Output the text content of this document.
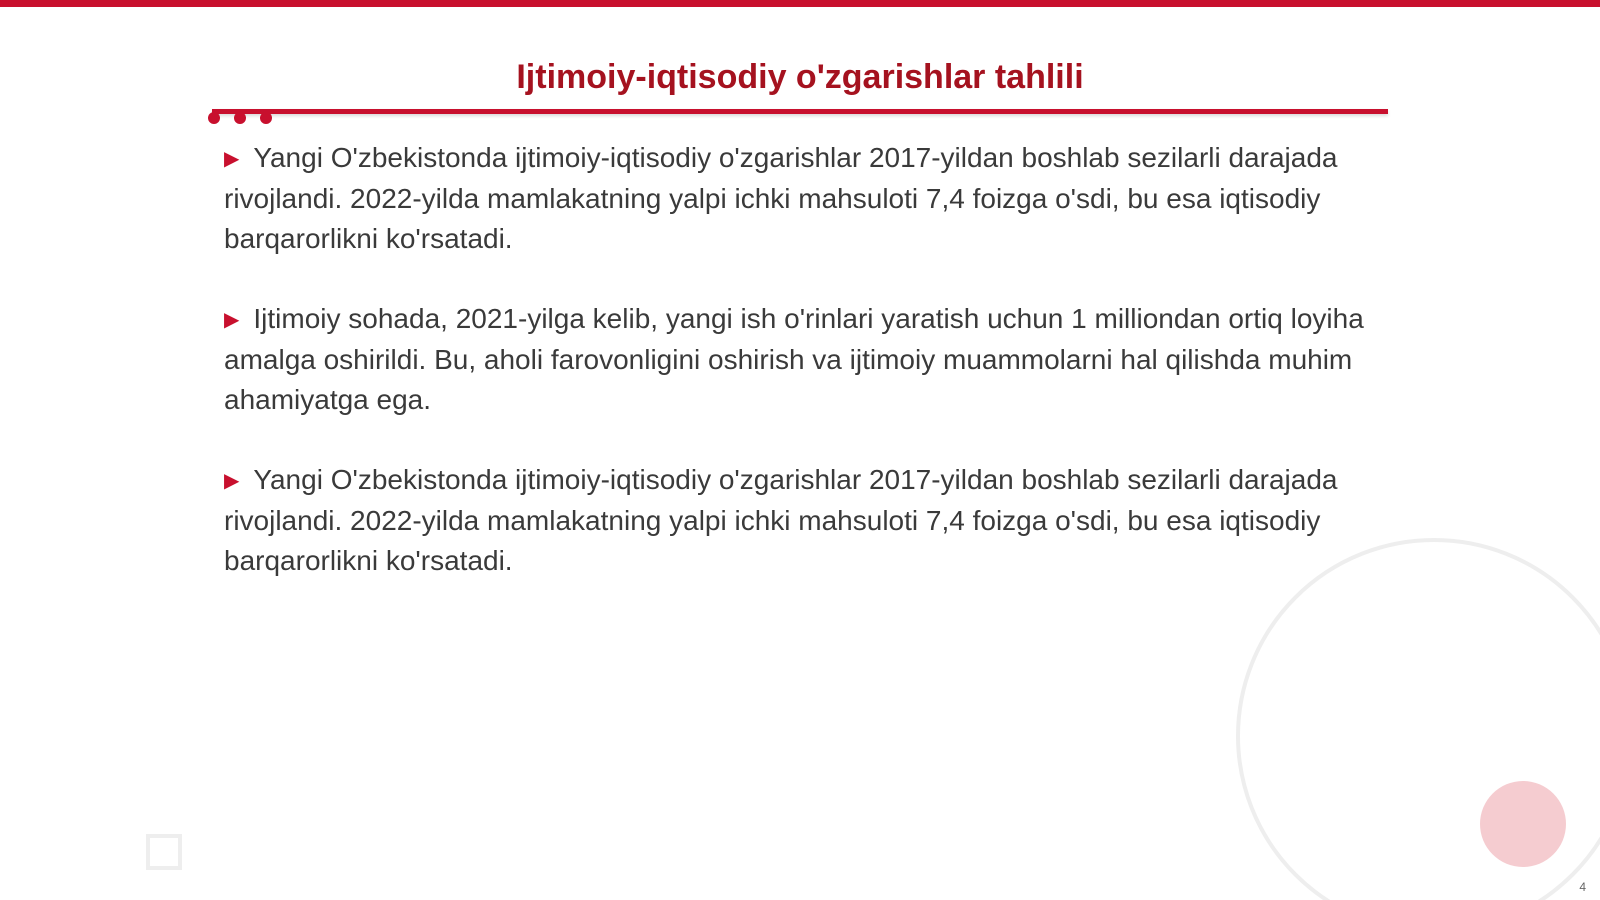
Ijtimoiy-iqtisodiy o'zgarishlar tahlili

▶ Yangi O'zbekistonda ijtimoiy-iqtisodiy o'zgarishlar 2017-yildan boshlab sezilarli darajada rivojlandi. 2022-yilda mamlakatning yalpi ichki mahsuloti 7,4 foizga o'sdi, bu esa iqtisodiy barqarorlikni ko'rsatadi.

▶ Ijtimoiy sohada, 2021-yilga kelib, yangi ish o'rinlari yaratish uchun 1 milliondan ortiq loyiha amalga oshirildi. Bu, aholi farovonligini oshirish va ijtimoiy muammolarni hal qilishda muhim ahamiyatga ega.

▶ Yangi O'zbekistonda ijtimoiy-iqtisodiy o'zgarishlar 2017-yildan boshlab sezilarli darajada rivojlandi. 2022-yilda mamlakatning yalpi ichki mahsuloti 7,4 foizga o'sdi, bu esa iqtisodiy barqarorlikni ko'rsatadi.

4
